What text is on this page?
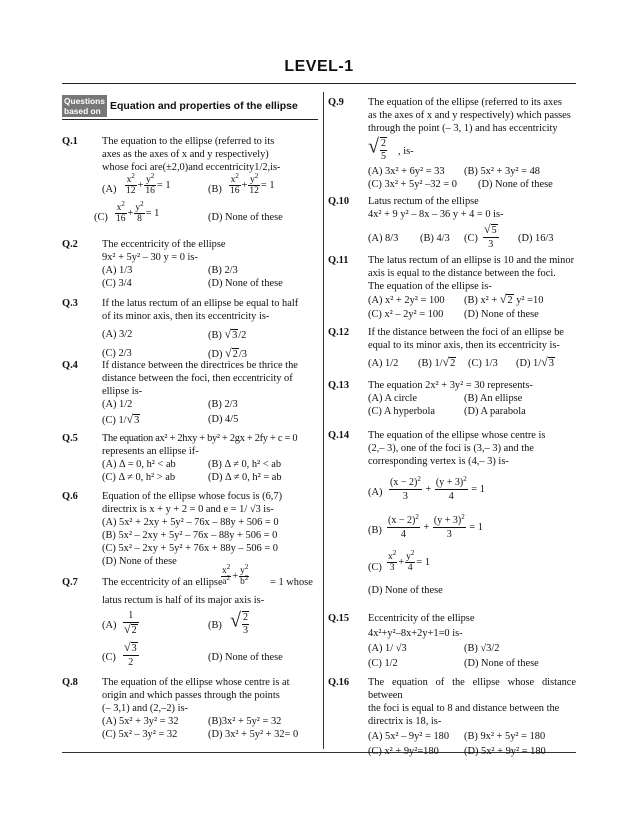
LEVEL-1
Questions
based on Equation and properties of the ellipse
Q.1	The equation to the ellipse (referred to its

axes as the axes of x and y respectively)

whose foci are(±2,0)and eccentricity1/2,is-

$(A) \frac{x^2}{12} + \frac{y^2}{16} = 1$	$(B) \frac{x^2}{16} + \frac{y^2}{12} = 1$
$(C) \frac{x^2}{16} + \frac{y^2}{8} = 1$	(D) None of these
Q.2	The eccentricity of the ellipse

9x² + 5y² – 30 y = 0 is-

(A) 1/3	(B) 2/3
(C) 3/4	(D) None of these
Q.3	If the latus rectum of an ellipse be equal to half

of its minor axis, then its eccentricity is-

(A) 3/2	(B) √3/2
(C) 2/3	(D) √2/3
Q.4	If distance between the directrices be thrice the

distance between the foci, then eccentricity of

ellipse is-

(A) 1/2	(B) 2/3
(C) 1/√3	(D) 4/5
Q.5	The equation ax² + 2hxy + by² + 2gx + 2fy + c = 0

represents an ellipse if-

(A) Δ = 0, h² < ab	(B) Δ ≠ 0, h² < ab
(C) Δ ≠ 0, h² > ab	(D) Δ ≠ 0, h² = ab
Q.6	Equation of the ellipse whose focus is (6,7)

directrix is x + y + 2 = 0 and e = 1/ √3 is-

(A) 5x² + 2xy + 5y² – 76x – 88y + 506 = 0

(B) 5x² – 2xy + 5y² – 76x – 88y + 506 = 0

(C) 5x² – 2xy + 5y² + 76x + 88y – 506 = 0

(D) None of these

Q.7	The eccentricity of an ellipse
$\frac{x^2}{a^2} + \frac{y^2}{b^2} = 1$ whose

latus rectum is half of its major axis is-

$(A) \frac{1}{√2}$	(B) √ $\frac{2}{3}$
$(C) \frac{√3}{2}$	(D) None of these
Q.8	The equation of the ellipse whose centre is at

origin and which passes through the points

(– 3,1) and (2,–2) is-

(A) 5x² + 3y² = 32	(B)3x² + 5y² = 32
(C) 5x² – 3y² = 32	(D) 3x² + 5y² + 32= 0
Q.9	The equation of the ellipse (referred to its axes

as the axes of x and y respectively) which passes

through the point (– 3, 1) and has eccentricity

√ $\frac{2}{5}$ , is-
(A) 3x² + 6y² = 33 (B) 5x² + 3y² = 48
(C) 3x² + 5y² –32 = 0 (D) None of these
Q.10	Latus rectum of the ellipse

4x² + 9 y² – 8x – 36 y + 4 = 0 is-

(A) 8/3 (B) 4/3 $(C) \frac{√5}{3} (D)$ 16/3
Q.11	The latus rectum of an ellipse is 10 and the minor

axis is equal to the distance between the foci.

The equation of the ellipse is-

(A) x² + 2y² = 100 (B) x² + √2 y² =10
(C) x² – 2y² = 100 (D) None of these
Q.12	If the distance between the foci of an ellipse be

equal to its minor axis, then its eccentricity is-

(A) 1/2 (B) 1/√2 (C) 1/3 (D) 1/√3
Q.13	The equation 2x² + 3y² = 30 represents-

(A) A circle	(B) An ellipse
(C) A hyperbola	(D) A parabola
Q.14	The equation of the ellipse whose centre is

(2,– 3), one of the foci is (3,– 3) and the

corresponding vertex is (4,– 3) is-

$(A) \frac{(x - 2)^2}{3} + \frac{(y + 3)^2}{4} = 1$
$(B) \frac{(x - 2)^2}{4} + \frac{(y + 3)^2}{3} = 1$
$(C) \frac{x^2}{3} + \frac{y^2}{4} = 1$

(D) None of these

Q.15	Eccentricity of the ellipse

4x²+y²–8x+2y+1=0 is-

(A) 1/ √3	(B) √3/2
(C) 1/2	(D) None of these
Q.16	The equation of the ellipse whose distance between

the foci is equal to 8 and distance between the

directrix is 18, is-

(A) 5x² – 9y² = 180 (B) 9x² + 5y² = 180
(C) x² + 9y²=180 (D) 5x² + 9y² = 180
